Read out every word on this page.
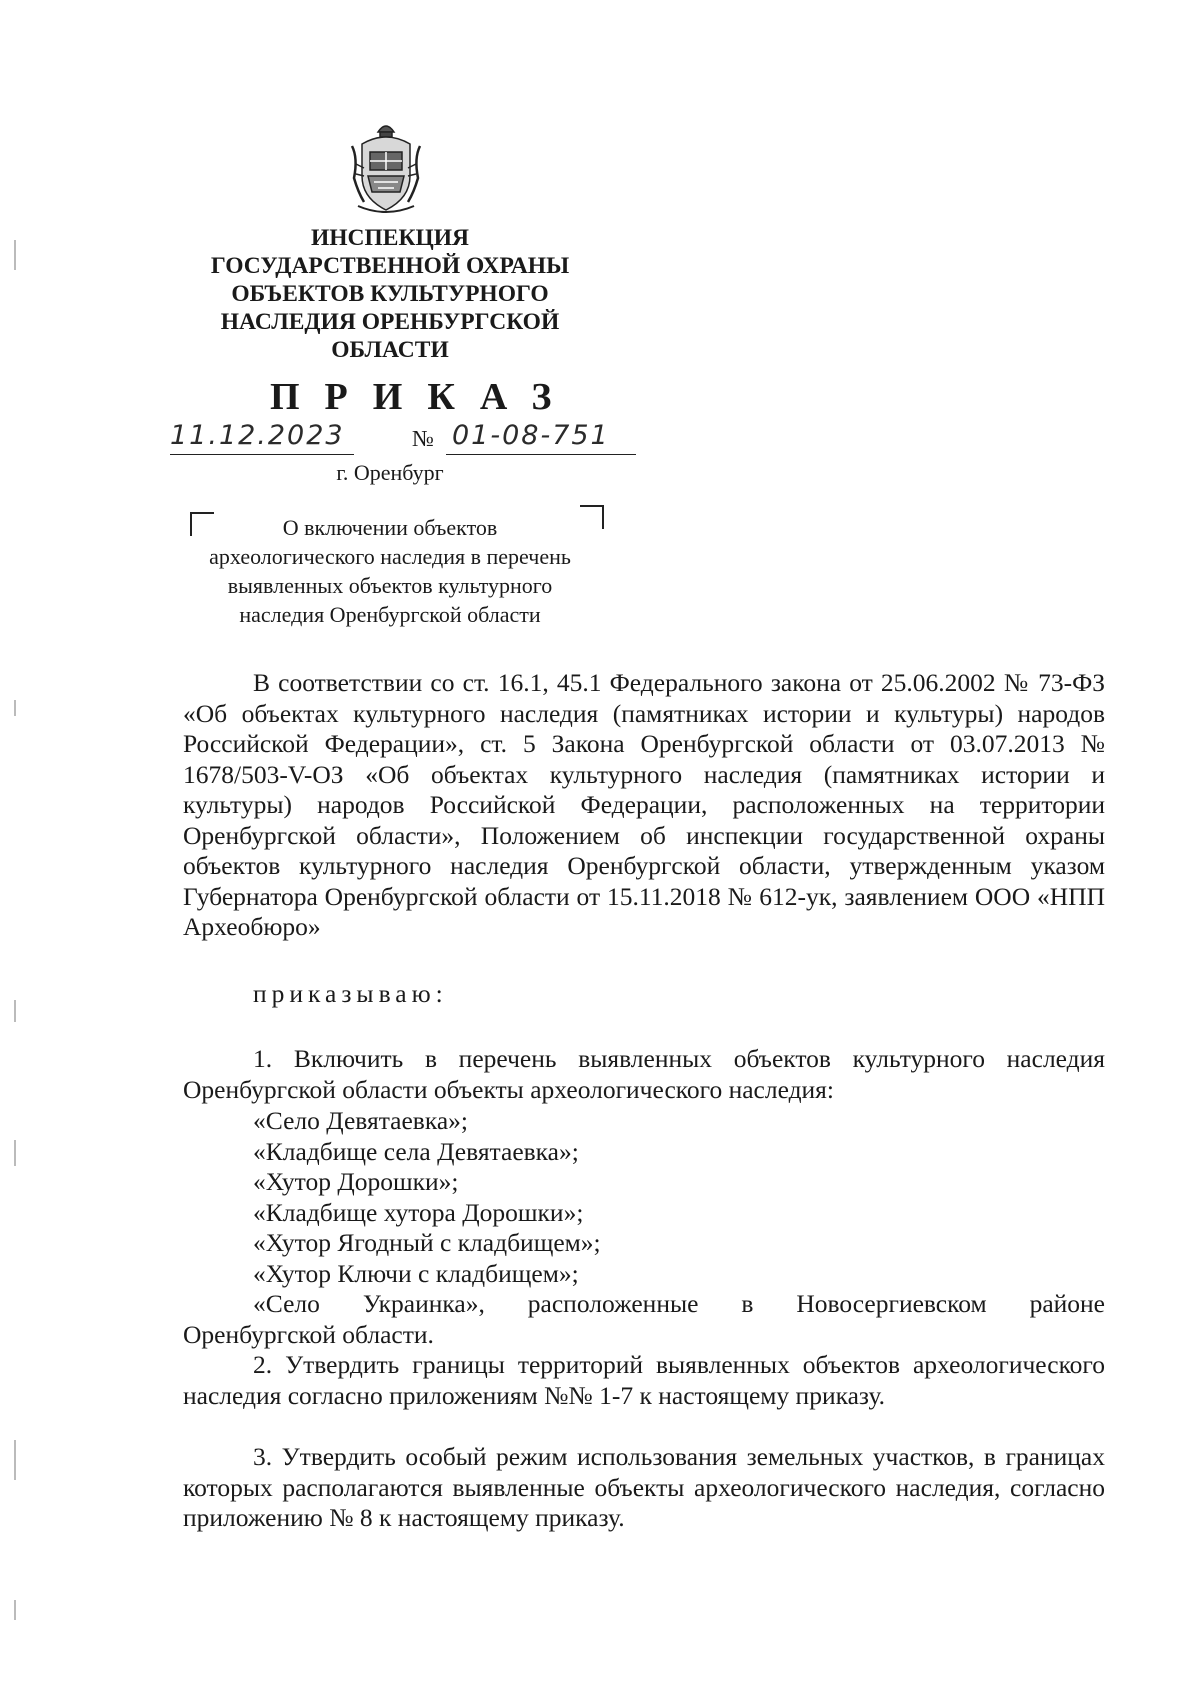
ИНСПЕКЦИЯ
ГОСУДАРСТВЕННОЙ ОХРАНЫ
ОБЪЕКТОВ КУЛЬТУРНОГО
НАСЛЕДИЯ ОРЕНБУРГСКОЙ
ОБЛАСТИ
ПРИКАЗ
11.12.2023	№ 01-08-751
г. Оренбург
О включении объектов
археологического наследия в перечень
выявленных объектов культурного
наследия Оренбургской области
В соответствии со ст. 16.1, 45.1 Федерального закона от 25.06.2002 № 73-ФЗ «Об объектах культурного наследия (памятниках истории и культуры) народов Российской Федерации», ст. 5 Закона Оренбургской области от 03.07.2013 № 1678/503-V-ОЗ «Об объектах культурного наследия (памятниках истории и культуры) народов Российской Федерации, расположенных на территории Оренбургской области», Положением об инспекции государственной охраны объектов культурного наследия Оренбургской области, утвержденным указом Губернатора Оренбургской области от 15.11.2018 № 612-ук, заявлением ООО «НПП Археобюро»
приказываю:
1. Включить в перечень выявленных объектов культурного наследия Оренбургской области объекты археологического наследия:
«Село Девятаевка»;
«Кладбище села Девятаевка»;
«Хутор Дорошки»;
«Кладбище хутора Дорошки»;
«Хутор Ягодный с кладбищем»;
«Хутор Ключи с кладбищем»;
«Село Украинка», расположенные в Новосергиевском районе
Оренбургской области.
2. Утвердить границы территорий выявленных объектов археологического наследия согласно приложениям №№ 1-7 к настоящему приказу.
3. Утвердить особый режим использования земельных участков, в границах которых располагаются выявленные объекты археологического наследия, согласно приложению № 8 к настоящему приказу.
